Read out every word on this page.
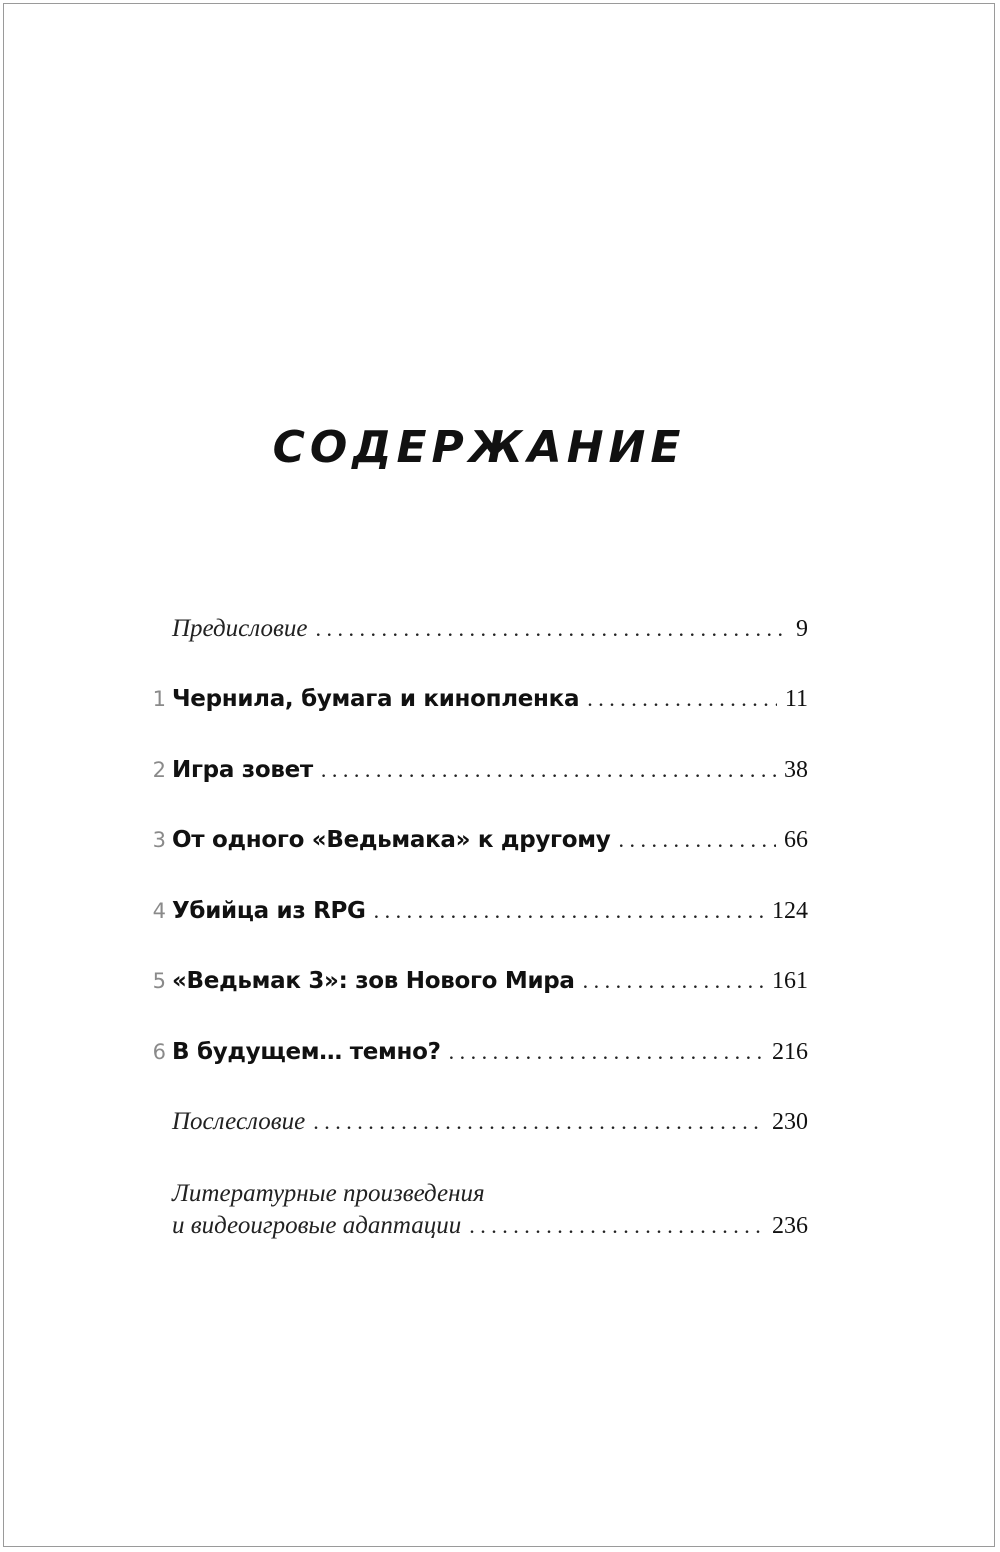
СОДЕРЖАНИЕ
Предисловие . . .	9
1 Чернила, бумага и кинопленка . . .	11
2 Игра зовет . . .	38
3 От одного «Ведьмака» к другому . . .	66
4 Убийца из RPG . . .	124
5 «Ведьмак 3»: зов Нового Мира . . .	161
6 В будущем… темно? . . .	216
Послесловие . . .	230
Литературные произведения
и видеоигровые адаптации . . .	236
